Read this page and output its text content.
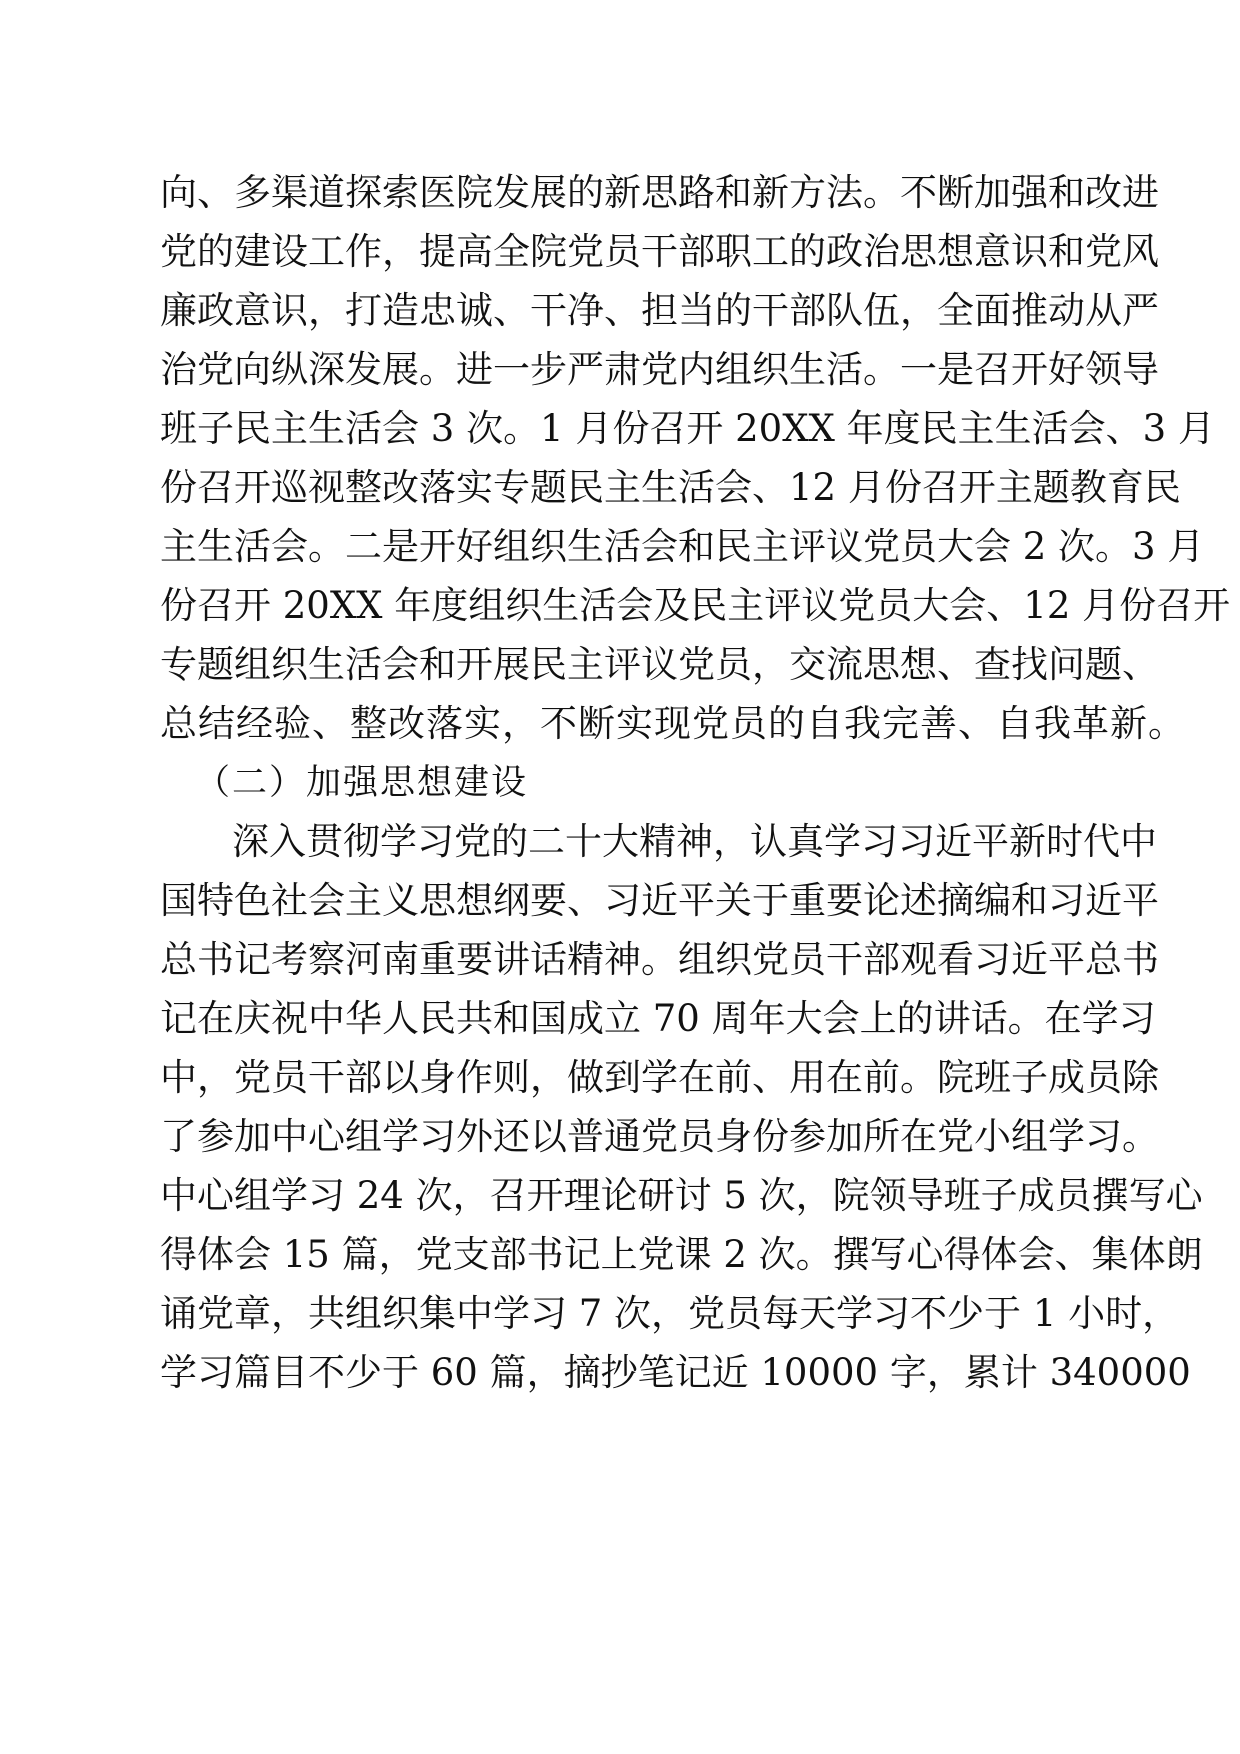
向、多渠道探索医院发展的新思路和新方法。不断加强和改进
党的建设工作，提高全院党员干部职工的政治思想意识和党风
廉政意识，打造忠诚、干净、担当的干部队伍，全面推动从严
治党向纵深发展。进一步严肃党内组织生活。一是召开好领导
班子民主生活会 3 次。1 月份召开 20XX 年度民主生活会、3 月
份召开巡视整改落实专题民主生活会、12 月份召开主题教育民
主生活会。二是开好组织生活会和民主评议党员大会 2 次。3 月
份召开 20XX 年度组织生活会及民主评议党员大会、12 月份召开
专题组织生活会和开展民主评议党员，交流思想、查找问题、
总结经验、整改落实，不断实现党员的自我完善、自我革新。
（二）加强思想建设
深入贯彻学习党的二十大精神，认真学习习近平新时代中
国特色社会主义思想纲要、习近平关于重要论述摘编和习近平
总书记考察河南重要讲话精神。组织党员干部观看习近平总书
记在庆祝中华人民共和国成立 70 周年大会上的讲话。在学习
中，党员干部以身作则，做到学在前、用在前。院班子成员除
了参加中心组学习外还以普通党员身份参加所在党小组学习。
中心组学习 24 次，召开理论研讨 5 次，院领导班子成员撰写心
得体会 15 篇，党支部书记上党课 2 次。撰写心得体会、集体朗
诵党章，共组织集中学习 7 次，党员每天学习不少于 1 小时，
学习篇目不少于 60 篇，摘抄笔记近 10000 字，累计 340000
